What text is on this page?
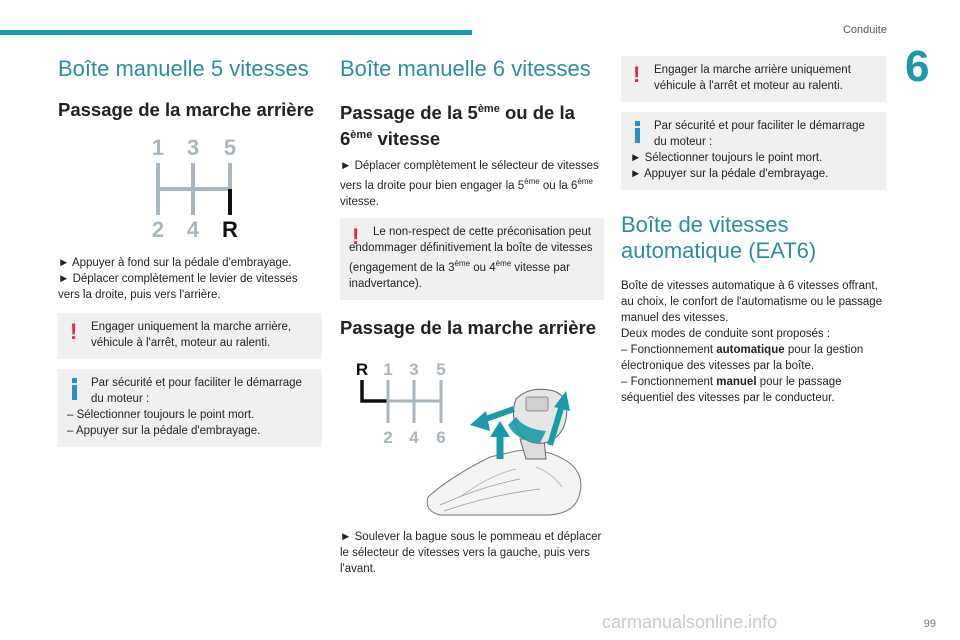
Conduite
6
Boîte manuelle 5 vitesses
Passage de la marche arrière
1 3 5
2 4 R

► Appuyer à fond sur la pédale d'embrayage.

► Déplacer complètement le levier de vitesses vers la droite, puis vers l'arrière.

! Engager uniquement la marche arrière, véhicule à l'arrêt, moteur au ralenti.
Par sécurité et pour faciliter le démarrage du moteur :
– Sélectionner toujours le point mort.
– Appuyer sur la pédale d'embrayage.
Boîte manuelle 6 vitesses
Passage de la 5ème ou de la 6ème vitesse

► Déplacer complètement le sélecteur de vitesses vers la droite pour bien engager la 5ème ou la 6ème vitesse.

!	Le non-respect de cette préconisation peut endommager définitivement la boîte de vitesses (engagement de la 3ème ou 4ème vitesse par inadvertance).
Passage de la marche arrière
R 1 3 5
2 4 6

► Soulever la bague sous le pommeau et déplacer le sélecteur de vitesses vers la gauche, puis vers l'avant.

! Engager la marche arrière uniquement véhicule à l'arrêt et moteur au ralenti.
Par sécurité et pour faciliter le démarrage du moteur :
► Sélectionner toujours le point mort.
► Appuyer sur la pédale d'embrayage.
Boîte de vitesses automatique (EAT6)

Boîte de vitesses automatique à 6 vitesses offrant, au choix, le confort de l'automatisme ou le passage manuel des vitesses.

Deux modes de conduite sont proposés :

– Fonctionnement automatique pour la gestion électronique des vitesses par la boîte.

– Fonctionnement manuel pour le passage séquentiel des vitesses par le conducteur.

99
carmanualsonline.info
